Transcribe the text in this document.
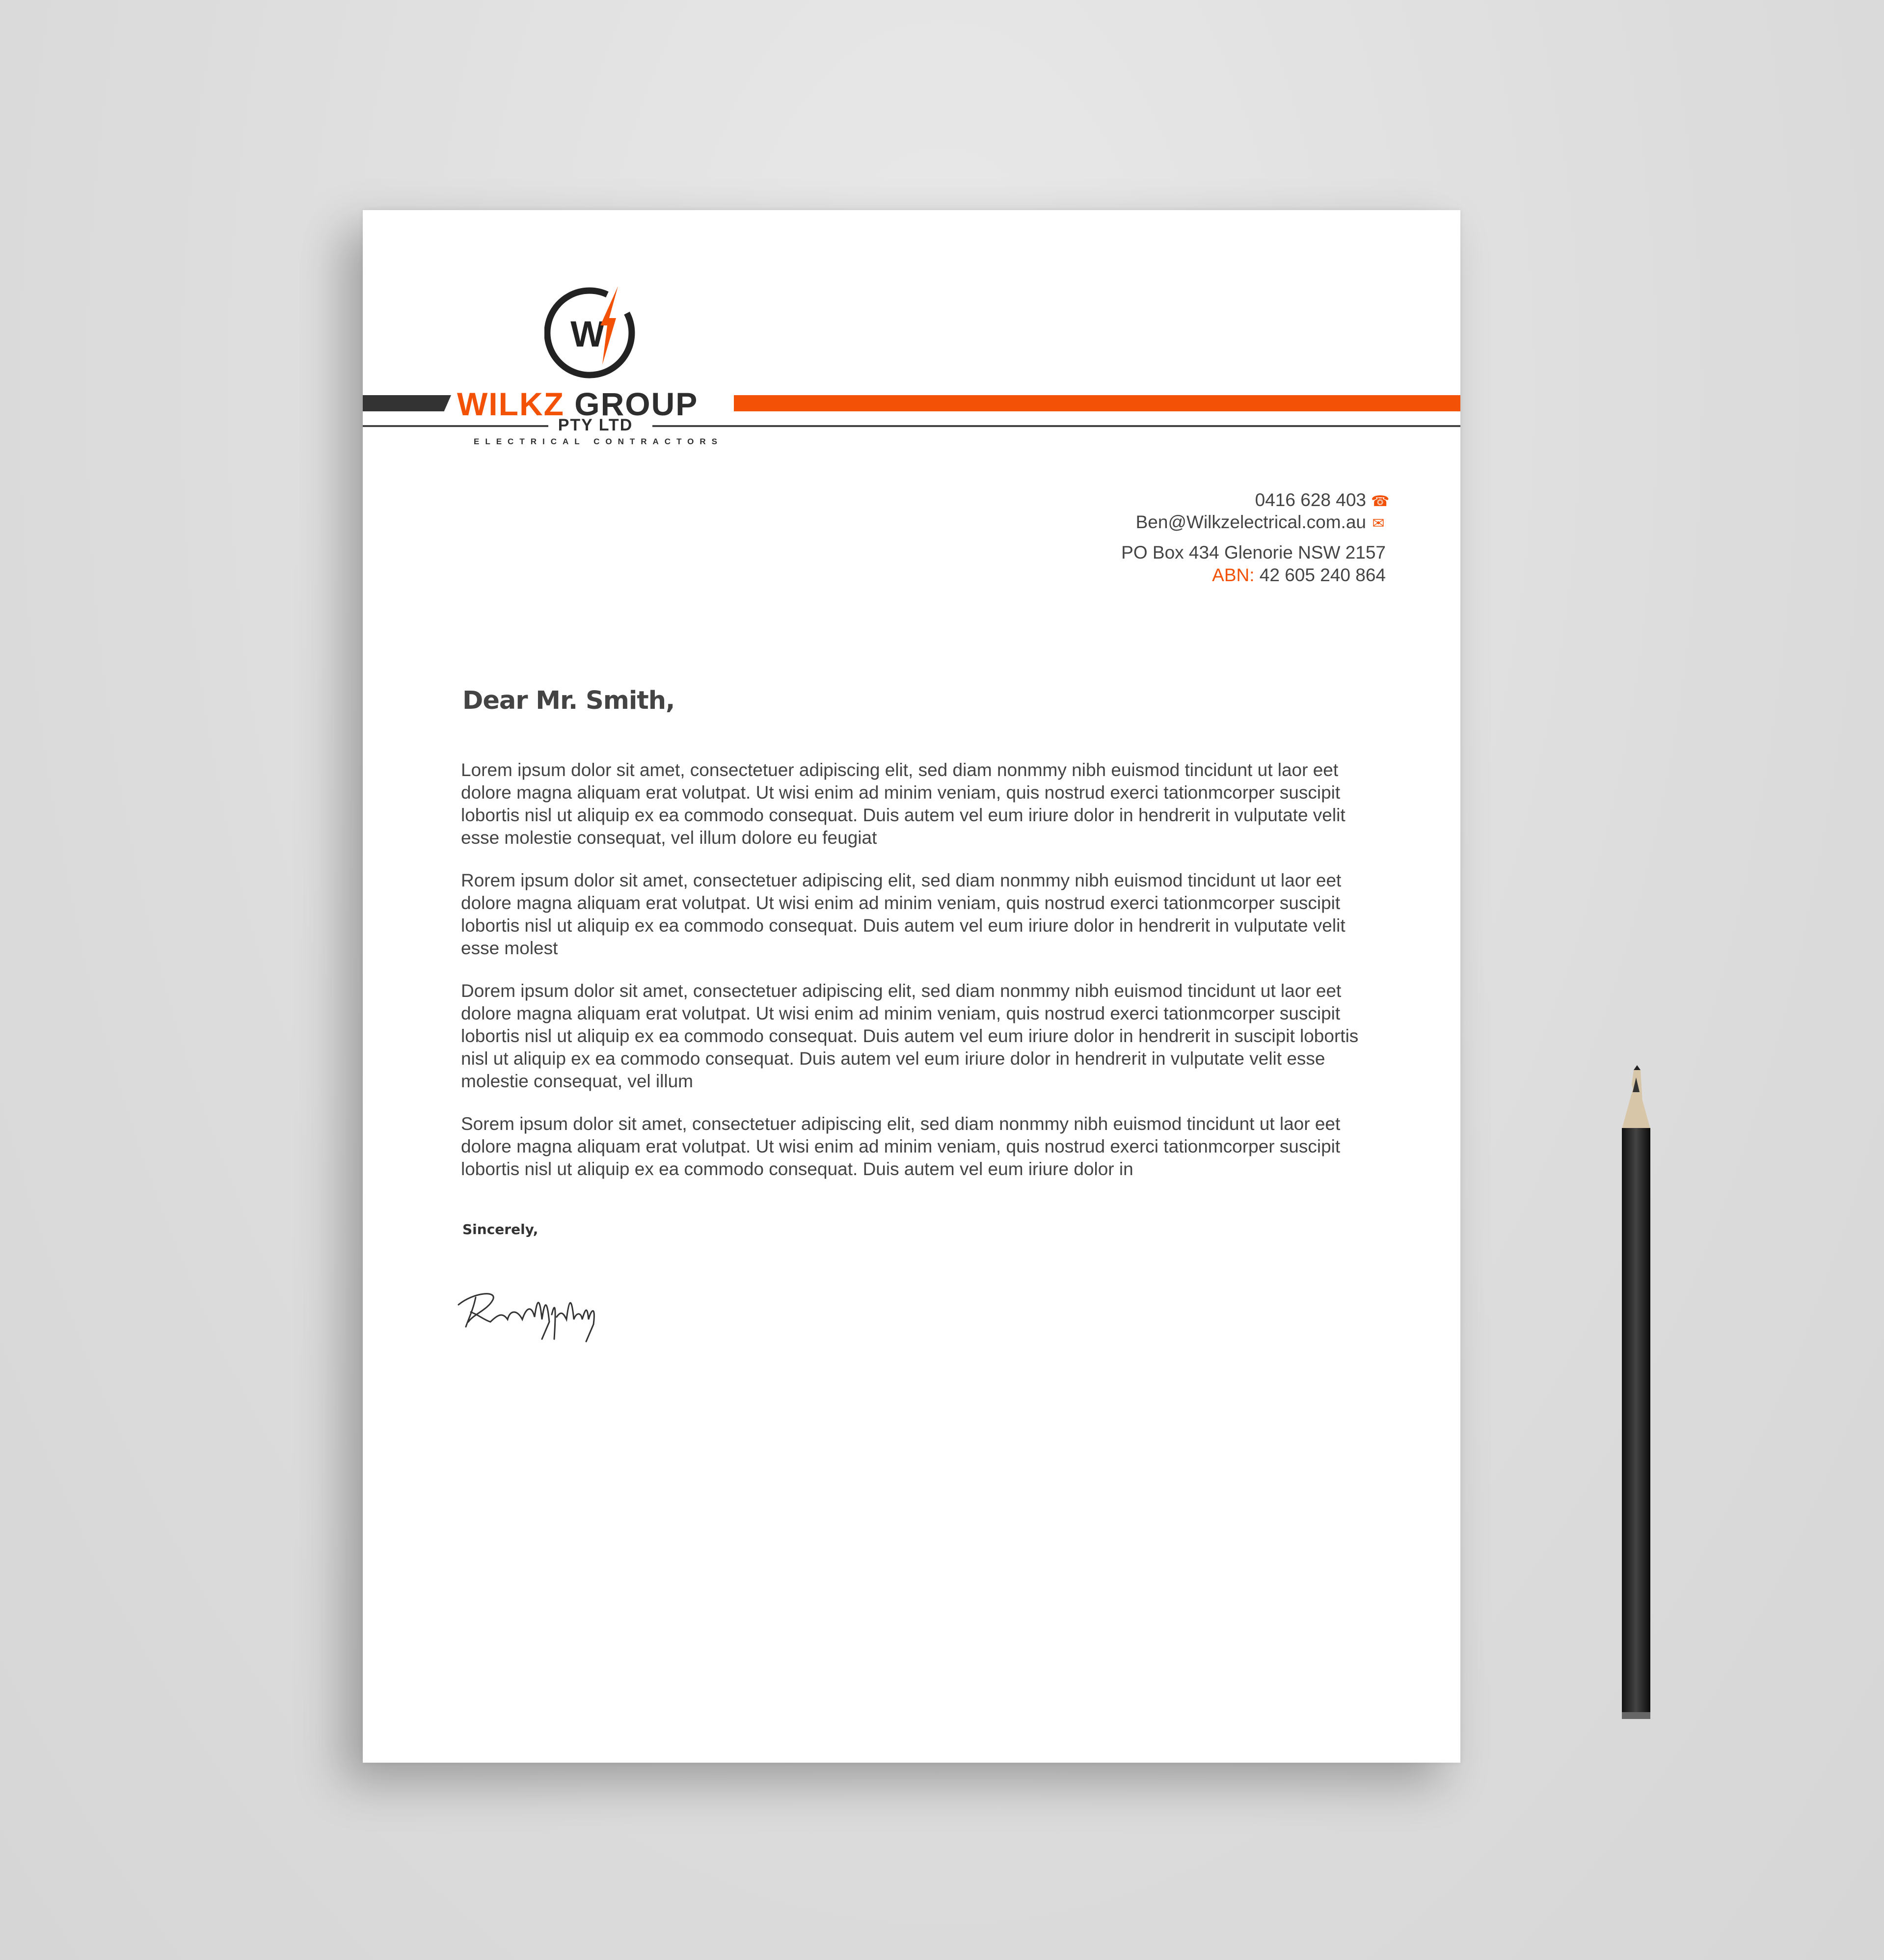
W
0416 628 403 ☎
Ben@Wilkzelectrical.com.au ✉
PO Box 434 Glenorie NSW 2157
ABN: 42 605 240 864
WILKZ GROUP
PTY LTD
ELECTRICAL CONTRACTORS
Dear Mr. Smith,

Lorem ipsum dolor sit amet, consectetuer adipiscing elit, sed diam nonmmy nibh euismod tincidunt ut laor eet dolore magna aliquam erat volutpat. Ut wisi enim ad minim veniam, quis nostrud exerci tationmcorper suscipit lobortis nisl ut aliquip ex ea commodo consequat. Duis autem vel eum iriure dolor in hendrerit in vulputate velit esse molestie consequat, vel illum dolore eu feugiat

Rorem ipsum dolor sit amet, consectetuer adipiscing elit, sed diam nonmmy nibh euismod tincidunt ut laor eet dolore magna aliquam erat volutpat. Ut wisi enim ad minim veniam, quis nostrud exerci tationmcorper suscipit lobortis nisl ut aliquip ex ea commodo consequat. Duis autem vel eum iriure dolor in hendrerit in vulputate velit esse molest

Dorem ipsum dolor sit amet, consectetuer adipiscing elit, sed diam nonmmy nibh euismod tincidunt ut laor eet dolore magna aliquam erat volutpat. Ut wisi enim ad minim veniam, quis nostrud exerci tationmcorper suscipit lobortis nisl ut aliquip ex ea commodo consequat. Duis autem vel eum iriure dolor in hendrerit in suscipit lobortis nisl ut aliquip ex ea commodo consequat. Duis autem vel eum iriure dolor in hendrerit in vulputate velit esse molestie consequat, vel illum

Sorem ipsum dolor sit amet, consectetuer adipiscing elit, sed diam nonmmy nibh euismod tincidunt ut laor eet dolore magna aliquam erat volutpat. Ut wisi enim ad minim veniam, quis nostrud exerci tationmcorper suscipit lobortis nisl ut aliquip ex ea commodo consequat. Duis autem vel eum iriure dolor in

Sincerely,
